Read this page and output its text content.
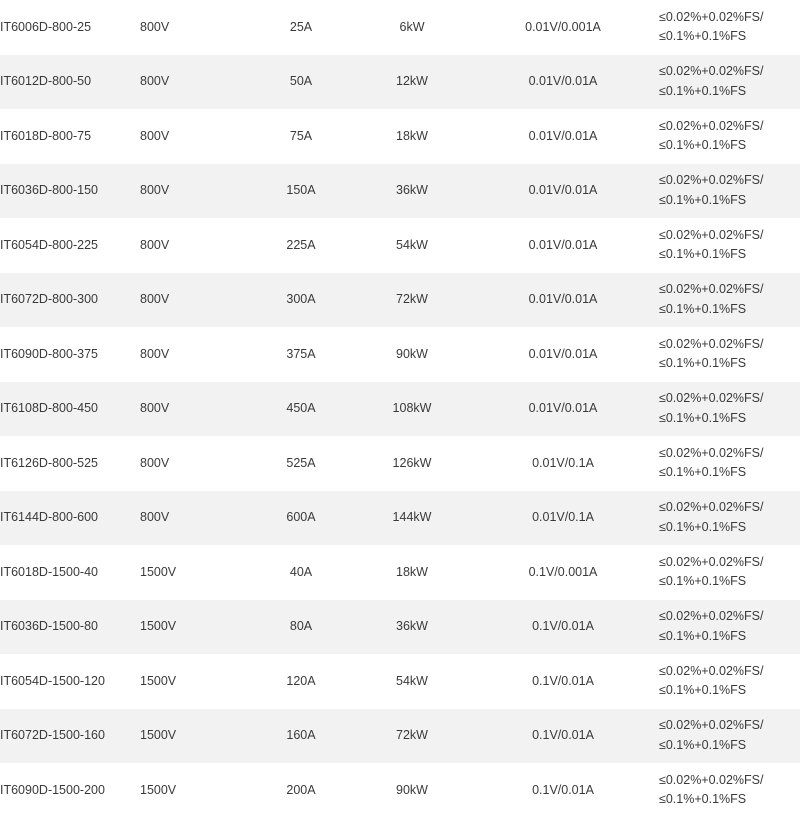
IT6006D-800-25	800V	25A	6kW	0.01V/0.001A	≤0.02%+0.02%FS/
≤0.1%+0.1%FS

IT6012D-800-50	800V	50A	12kW	0.01V/0.01A	≤0.02%+0.02%FS/
≤0.1%+0.1%FS

IT6018D-800-75	800V	75A	18kW	0.01V/0.01A	≤0.02%+0.02%FS/
≤0.1%+0.1%FS

IT6036D-800-150	800V	150A	36kW	0.01V/0.01A	≤0.02%+0.02%FS/
≤0.1%+0.1%FS

IT6054D-800-225	800V	225A	54kW	0.01V/0.01A	≤0.02%+0.02%FS/
≤0.1%+0.1%FS

IT6072D-800-300	800V	300A	72kW	0.01V/0.01A	≤0.02%+0.02%FS/
≤0.1%+0.1%FS

IT6090D-800-375	800V	375A	90kW	0.01V/0.01A	≤0.02%+0.02%FS/
≤0.1%+0.1%FS

IT6108D-800-450	800V	450A	108kW	0.01V/0.01A	≤0.02%+0.02%FS/
≤0.1%+0.1%FS

IT6126D-800-525	800V	525A	126kW	0.01V/0.1A	≤0.02%+0.02%FS/
≤0.1%+0.1%FS

IT6144D-800-600	800V	600A	144kW	0.01V/0.1A	≤0.02%+0.02%FS/
≤0.1%+0.1%FS

IT6018D-1500-40	1500V	40A	18kW	0.1V/0.001A	≤0.02%+0.02%FS/
≤0.1%+0.1%FS

IT6036D-1500-80	1500V	80A	36kW	0.1V/0.01A	≤0.02%+0.02%FS/
≤0.1%+0.1%FS

IT6054D-1500-120	1500V	120A	54kW	0.1V/0.01A	≤0.02%+0.02%FS/
≤0.1%+0.1%FS

IT6072D-1500-160	1500V	160A	72kW	0.1V/0.01A	≤0.02%+0.02%FS/
≤0.1%+0.1%FS

IT6090D-1500-200	1500V	200A	90kW	0.1V/0.01A	≤0.02%+0.02%FS/
≤0.1%+0.1%FS
